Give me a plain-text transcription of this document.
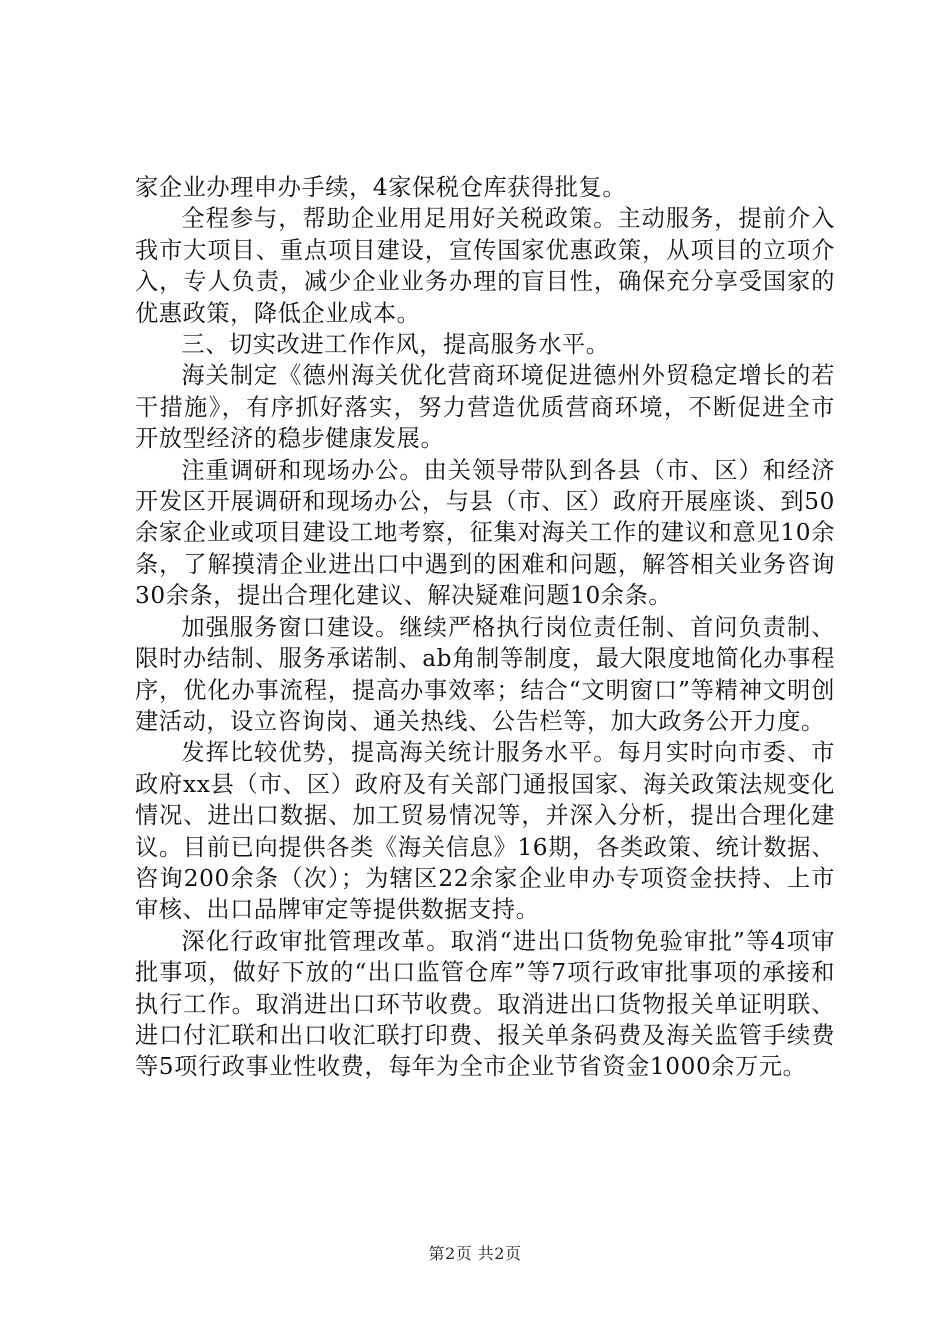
家企业办理申办手续，4家保税仓库获得批复。

全程参与，帮助企业用足用好关税政策。主动服务，提前介入我市大项目、重点项目建设，宣传国家优惠政策，从项目的立项介入，专人负责，减少企业业务办理的盲目性，确保充分享受国家的优惠政策，降低企业成本。

三、切实改进工作作风，提高服务水平。

海关制定《德州海关优化营商环境促进德州外贸稳定增长的若干措施》，有序抓好落实，努力营造优质营商环境，不断促进全市开放型经济的稳步健康发展。

注重调研和现场办公。由关领导带队到各县（市、区）和经济开发区开展调研和现场办公，与县（市、区）政府开展座谈、到50余家企业或项目建设工地考察，征集对海关工作的建议和意见10余条，了解摸清企业进出口中遇到的困难和问题，解答相关业务咨询30余条，提出合理化建议、解决疑难问题10余条。

加强服务窗口建设。继续严格执行岗位责任制、首问负责制、限时办结制、服务承诺制、ab角制等制度，最大限度地简化办事程序，优化办事流程，提高办事效率；结合“文明窗口”等精神文明创建活动，设立咨询岗、通关热线、公告栏等，加大政务公开力度。

发挥比较优势，提高海关统计服务水平。每月实时向市委、市政府xx县（市、区）政府及有关部门通报国家、海关政策法规变化情况、进出口数据、加工贸易情况等，并深入分析，提出合理化建议。目前已向提供各类《海关信息》16期，各类政策、统计数据、咨询200余条（次）；为辖区22余家企业申办专项资金扶持、上市审核、出口品牌审定等提供数据支持。

深化行政审批管理改革。取消“进出口货物免验审批”等4项审批事项，做好下放的“出口监管仓库”等7项行政审批事项的承接和执行工作。取消进出口环节收费。取消进出口货物报关单证明联、进口付汇联和出口收汇联打印费、报关单条码费及海关监管手续费等5项行政事业性收费，每年为全市企业节省资金1000余万元。

第2页 共2页
